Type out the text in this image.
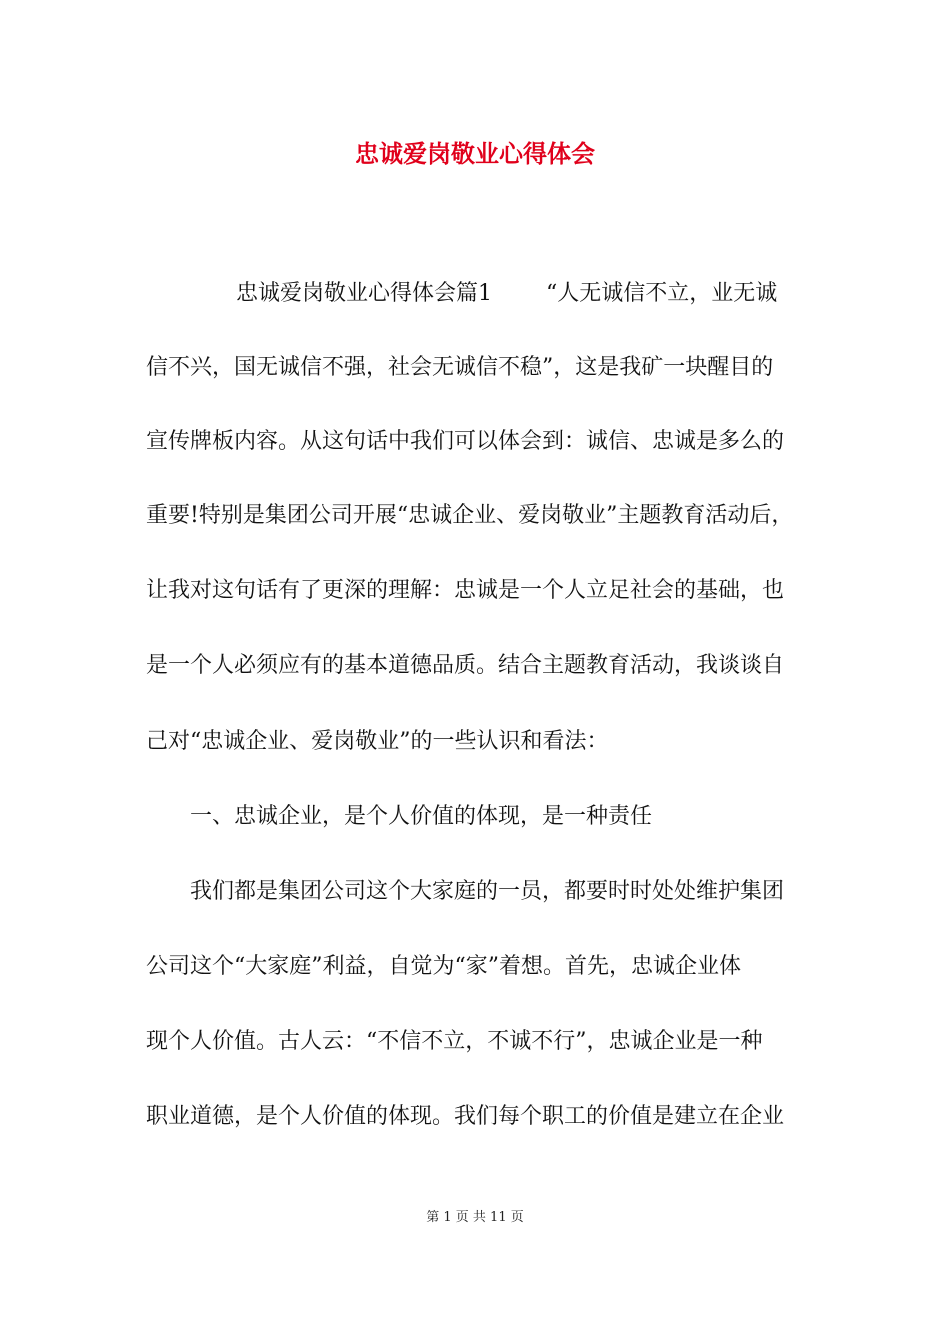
忠诚爱岗敬业心得体会
忠诚爱岗敬业心得体会篇1 “人无诚信不立，业无诚
信不兴，国无诚信不强，社会无诚信不稳”，这是我矿一块醒目的
宣传牌板内容。从这句话中我们可以体会到：诚信、忠诚是多么的
重要!特别是集团公司开展“忠诚企业、爱岗敬业”主题教育活动后，
让我对这句话有了更深的理解：忠诚是一个人立足社会的基础，也
是一个人必须应有的基本道德品质。结合主题教育活动，我谈谈自
己对“忠诚企业、爱岗敬业”的一些认识和看法：
一、忠诚企业，是个人价值的体现，是一种责任
我们都是集团公司这个大家庭的一员，都要时时处处维护集团
公司这个“大家庭”利益，自觉为“家”着想。首先，忠诚企业体
现个人价值。古人云：“不信不立，不诚不行”，忠诚企业是一种
职业道德，是个人价值的体现。我们每个职工的价值是建立在企业
第 1 页 共 11 页
